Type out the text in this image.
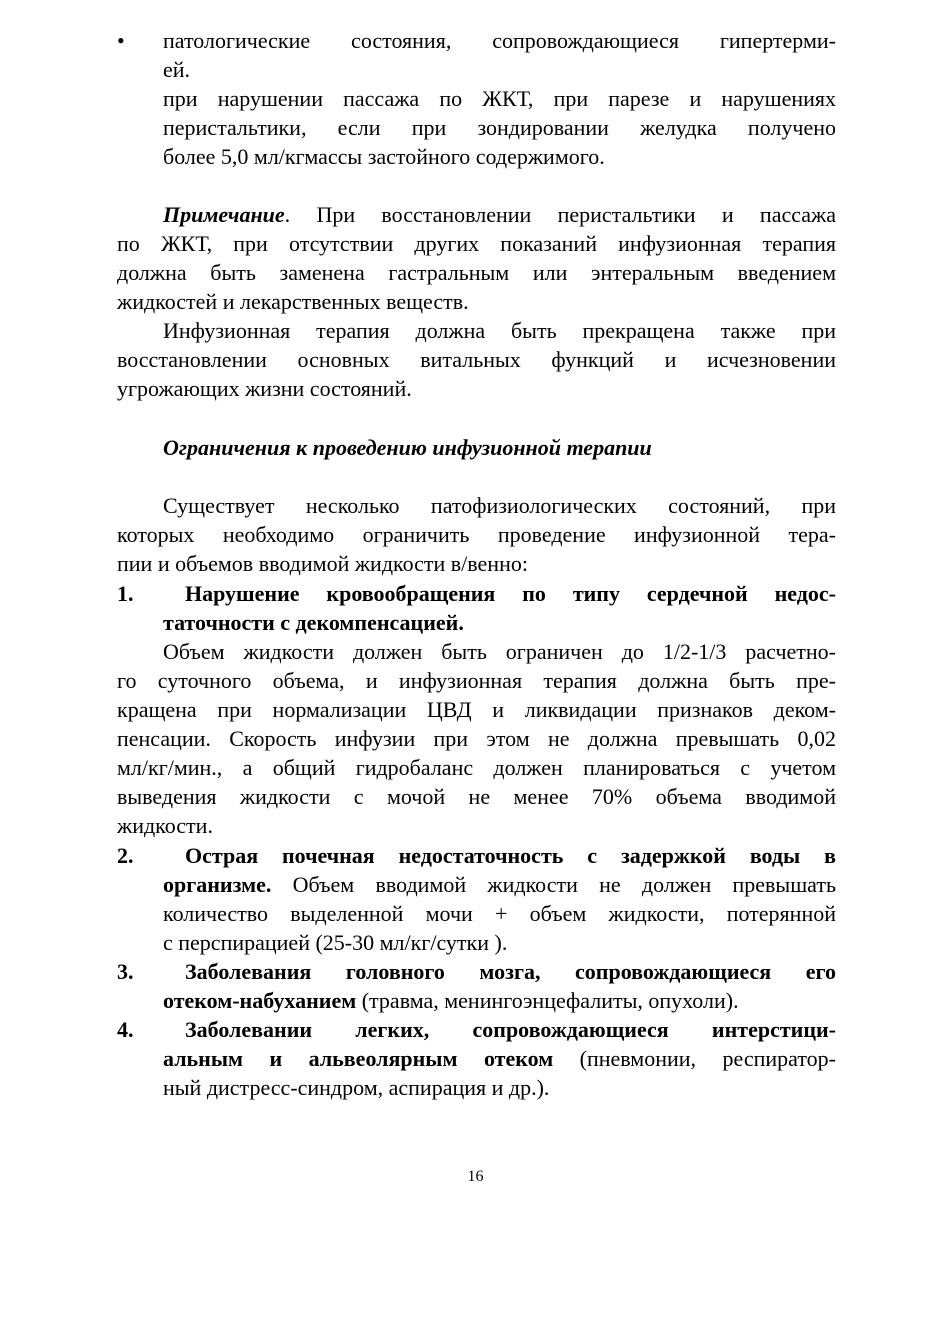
• патологические состояния, сопровождающиеся гипертерми-
ей.
при нарушении пассажа по ЖКТ, при парезе и нарушениях
перистальтики, если при зондировании желудка получено
более 5,0 мл/кгмассы застойного содержимого.
Примечание. При восстановлении перистальтики и пассажа
по ЖКТ, при отсутствии других показаний инфузионная терапия
должна быть заменена гастральным или энтеральным введением
жидкостей и лекарственных веществ.
Инфузионная терапия должна быть прекращена также при
восстановлении основных витальных функций и исчезновении
угрожающих жизни состояний.
Ограничения к проведению инфузионной терапии
Существует несколько патофизиологических состояний, при
которых необходимо ограничить проведение инфузионной тера-
пии и объемов вводимой жидкости в/венно:
1. Нарушение кровообращения по типу сердечной недос-
таточности с декомпенсацией.
Объем жидкости должен быть ограничен до 1/2-1/3 расчетно-
го суточного объема, и инфузионная терапия должна быть пре-
кращена при нормализации ЦВД и ликвидации признаков деком-
пенсации. Скорость инфузии при этом не должна превышать 0,02
мл/кг/мин., а общий гидробаланс должен планироваться с учетом
выведения жидкости с мочой не менее 70% объема вводимой
жидкости.
2. Острая почечная недостаточность с задержкой воды в
организме. Объем вводимой жидкости не должен превышать
количество выделенной мочи + объем жидкости, потерянной
с перспирацией (25-30 мл/кг/сутки ).
3. Заболевания головного мозга, сопровождающиеся его
отеком-набуханием (травма, менингоэнцефалиты, опухоли).
4. Заболевании легких, сопровождающиеся интерстици-
альным и альвеолярным отеком (пневмонии, респиратор-
ный дистресс-синдром, аспирация и др.).
16
